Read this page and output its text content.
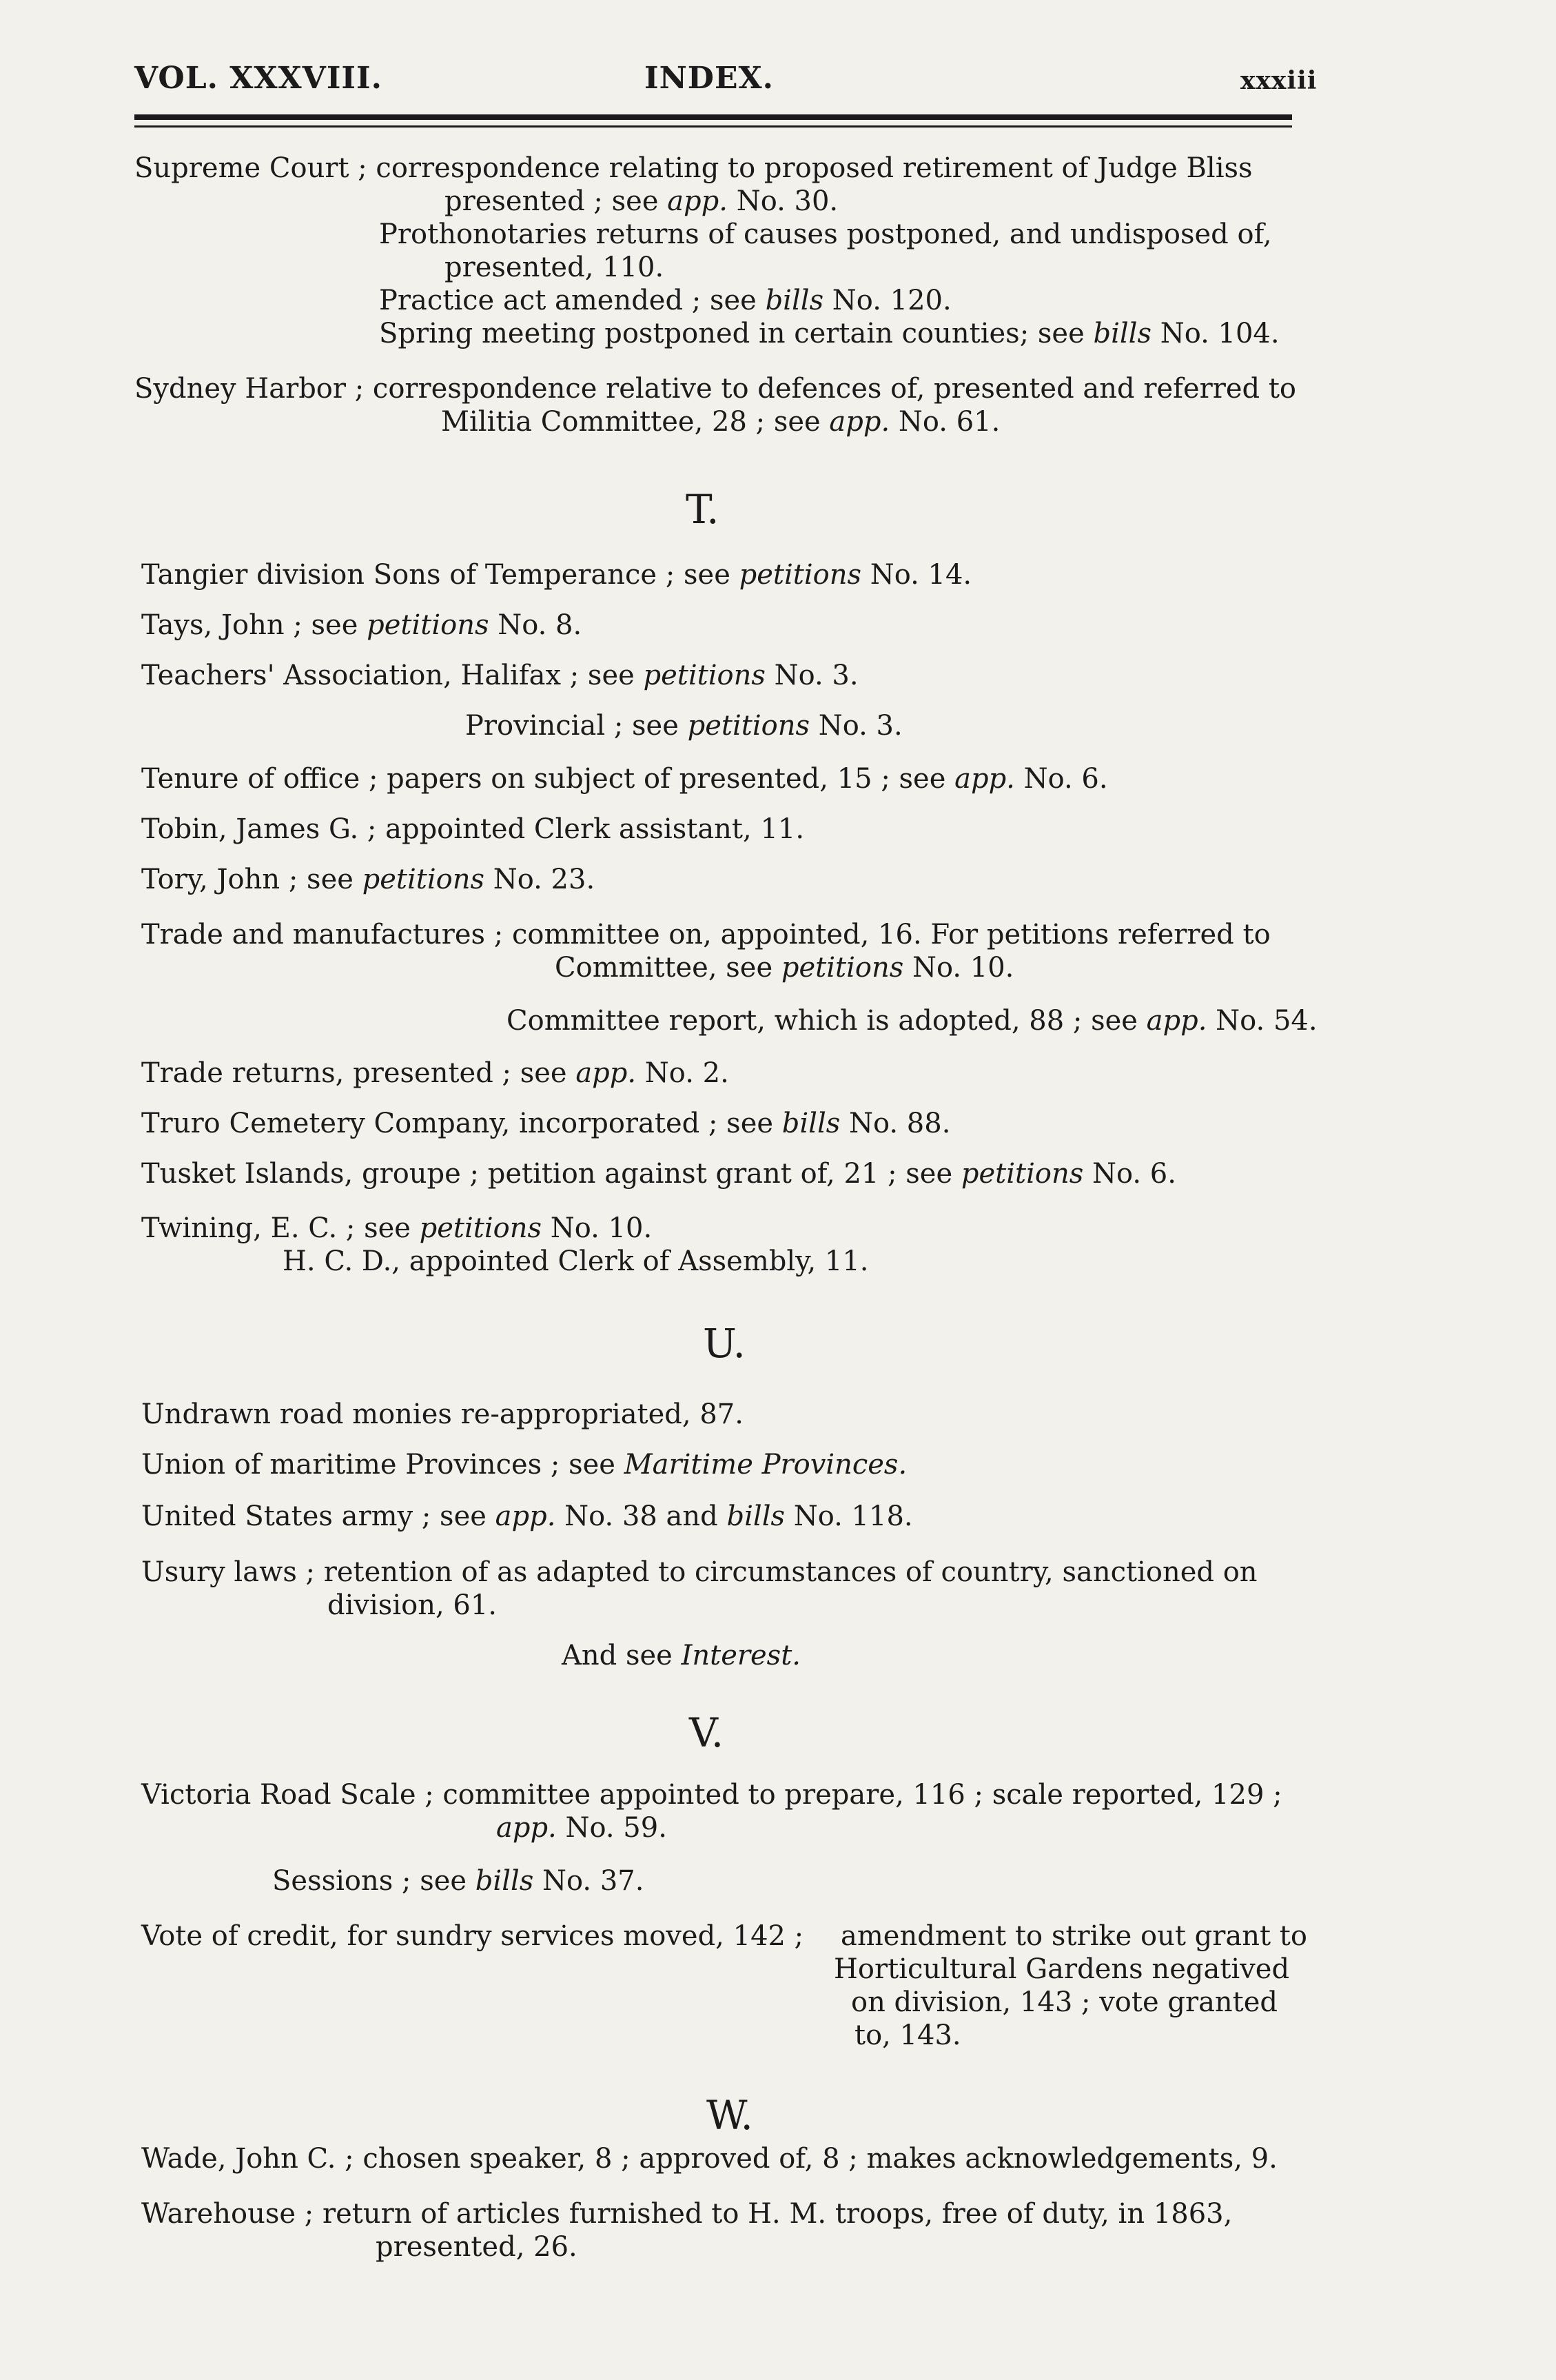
VOL. XXXVIII.	INDEX.	xxxiii
Supreme Court ; correspondence relating to proposed retirement of Judge Bliss
presented ; see app. No. 30.
Prothonotaries returns of causes postponed, and undisposed of,
presented, 110.
Practice act amended ; see bills No. 120.
Spring meeting postponed in certain counties; see bills No. 104.
Sydney Harbor ; correspondence relative to defences of, presented and referred to
Militia Committee, 28 ; see app. No. 61.
T.
Tangier division Sons of Temperance ; see petitions No. 14.
Tays, John ; see petitions No. 8.
Teachers' Association, Halifax ; see petitions No. 3.
Provincial ; see petitions No. 3.
Tenure of office ; papers on subject of presented, 15 ; see app. No. 6.
Tobin, James G. ; appointed Clerk assistant, 11.
Tory, John ; see petitions No. 23.
Trade and manufactures ; committee on, appointed, 16. For petitions referred to
Committee, see petitions No. 10.
Committee report, which is adopted, 88 ; see app. No. 54.
Trade returns, presented ; see app. No. 2.
Truro Cemetery Company, incorporated ; see bills No. 88.
Tusket Islands, groupe ; petition against grant of, 21 ; see petitions No. 6.
Twining, E. C. ; see petitions No. 10.
H. C. D., appointed Clerk of Assembly, 11.
U.
Undrawn road monies re-appropriated, 87.
Union of maritime Provinces ; see Maritime Provinces.
United States army ; see app. No. 38 and bills No. 118.
Usury laws ; retention of as adapted to circumstances of country, sanctioned on
division, 61.
And see Interest.
V.
Victoria Road Scale ; committee appointed to prepare, 116 ; scale reported, 129 ;
app. No. 59.
Sessions ; see bills No. 37.
Vote of credit, for sundry services moved, 142 ; amendment to strike out grant to
Horticultural Gardens negatived
on division, 143 ; vote granted
to, 143.
W.
Wade, John C. ; chosen speaker, 8 ; approved of, 8 ; makes acknowledgements, 9.
Warehouse ; return of articles furnished to H. M. troops, free of duty, in 1863,
presented, 26.
